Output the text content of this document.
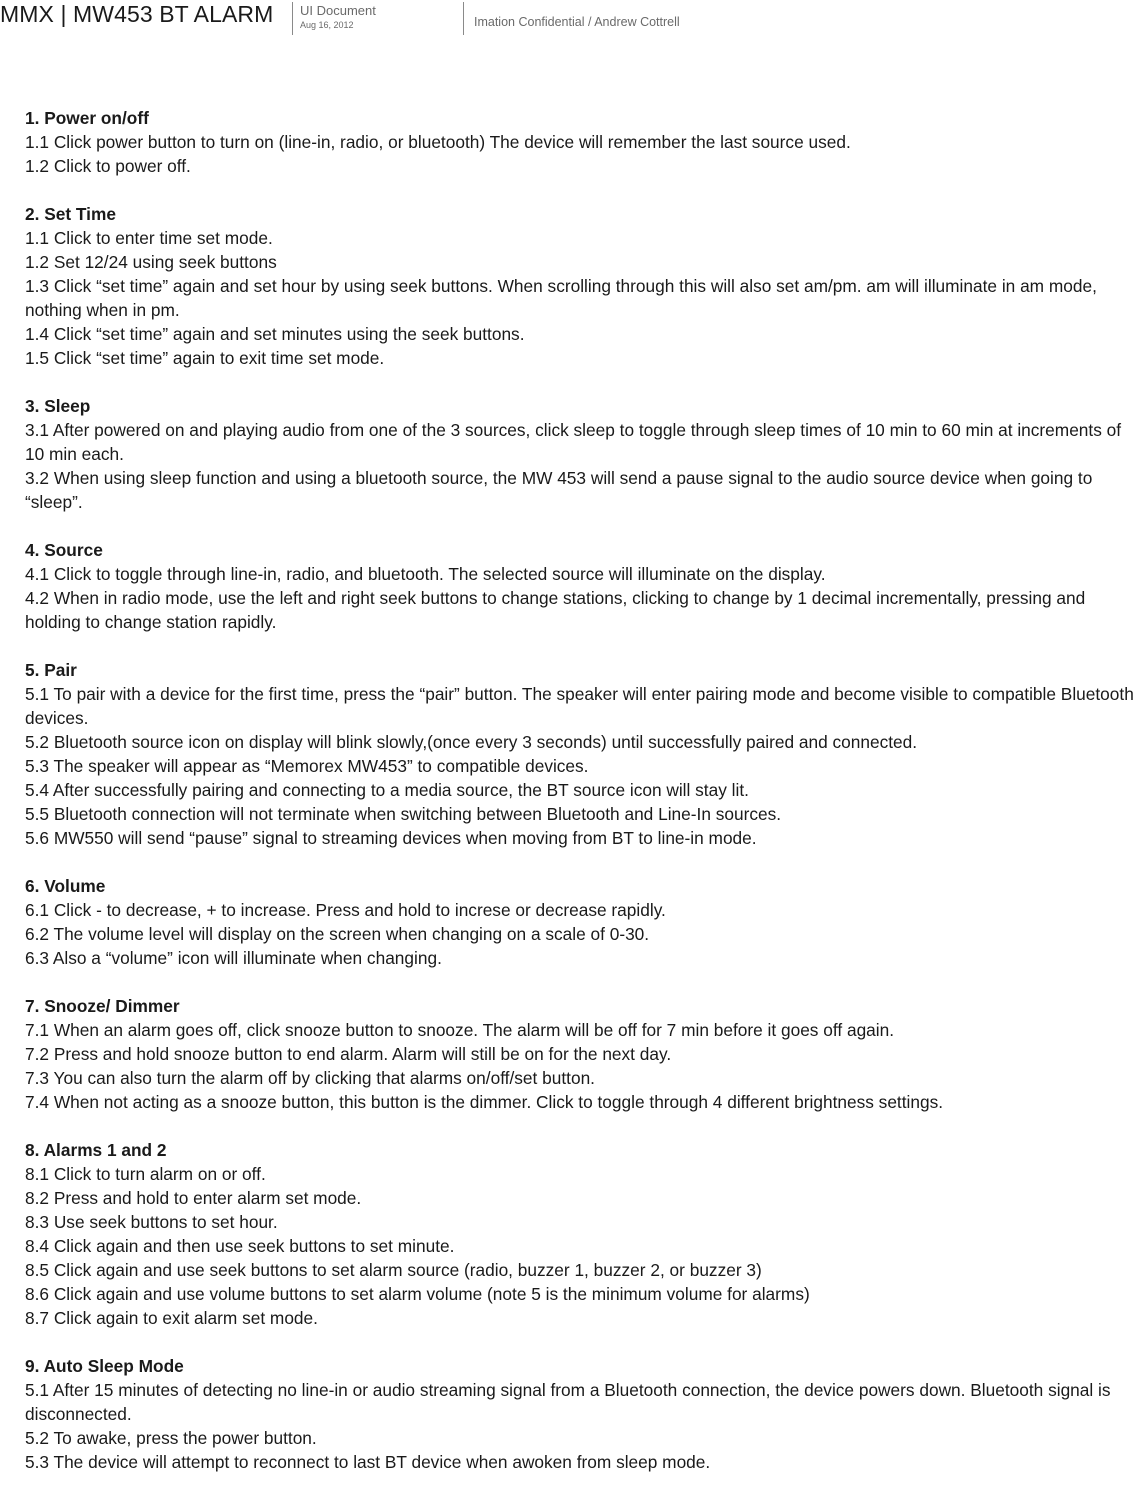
MMX | MW453 BT ALARM UI Document
Aug 16, 2012	Imation Confidential / Andrew Cottrell
1. Power on/off
1.1 Click power button to turn on (line-in, radio, or bluetooth) The device will remember the last source used.
1.2 Click to power off.
2. Set Time
1.1 Click to enter time set mode.
1.2 Set 12/24 using seek buttons
1.3 Click “set time” again and set hour by using seek buttons. When scrolling through this will also set am/pm. am will illuminate in am mode, nothing when in pm.
1.4 Click “set time” again and set minutes using the seek buttons.
1.5 Click “set time” again to exit time set mode.
3. Sleep
3.1 After powered on and playing audio from one of the 3 sources, click sleep to toggle through sleep times of 10 min to 60 min at increments of 10 min each.
3.2 When using sleep function and using a bluetooth source, the MW 453 will send a pause signal to the audio source device when going to “sleep”.
4. Source
4.1 Click to toggle through line-in, radio, and bluetooth. The selected source will illuminate on the display.
4.2 When in radio mode, use the left and right seek buttons to change stations, clicking to change by 1 decimal incrementally, pressing and holding to change station rapidly.
5. Pair
5.1 To pair with a device for the first time, press the “pair” button. The speaker will enter pairing mode and become visible to compatible Bluetooth devices.
5.2 Bluetooth source icon on display will blink slowly,(once every 3 seconds) until successfully paired and connected.
5.3 The speaker will appear as “Memorex MW453” to compatible devices.
5.4 After successfully pairing and connecting to a media source, the BT source icon will stay lit.
5.5 Bluetooth connection will not terminate when switching between Bluetooth and Line-In sources.
5.6 MW550 will send “pause” signal to streaming devices when moving from BT to line-in mode.
6. Volume
6.1 Click - to decrease, + to increase. Press and hold to increse or decrease rapidly.
6.2 The volume level will display on the screen when changing on a scale of 0-30.
6.3 Also a “volume” icon will illuminate when changing.
7. Snooze/ Dimmer
7.1 When an alarm goes off, click snooze button to snooze. The alarm will be off for 7 min before it goes off again.
7.2 Press and hold snooze button to end alarm. Alarm will still be on for the next day.
7.3 You can also turn the alarm off by clicking that alarms on/off/set button.
7.4 When not acting as a snooze button, this button is the dimmer. Click to toggle through 4 different brightness settings.
8. Alarms 1 and 2
8.1 Click to turn alarm on or off.
8.2 Press and hold to enter alarm set mode.
8.3 Use seek buttons to set hour.
8.4 Click again and then use seek buttons to set minute.
8.5 Click again and use seek buttons to set alarm source (radio, buzzer 1, buzzer 2, or buzzer 3)
8.6 Click again and use volume buttons to set alarm volume (note 5 is the minimum volume for alarms)
8.7 Click again to exit alarm set mode.
9. Auto Sleep Mode
5.1 After 15 minutes of detecting no line-in or audio streaming signal from a Bluetooth connection, the device powers down. Bluetooth signal is disconnected.
5.2 To awake, press the power button.
5.3 The device will attempt to reconnect to last BT device when awoken from sleep mode.
